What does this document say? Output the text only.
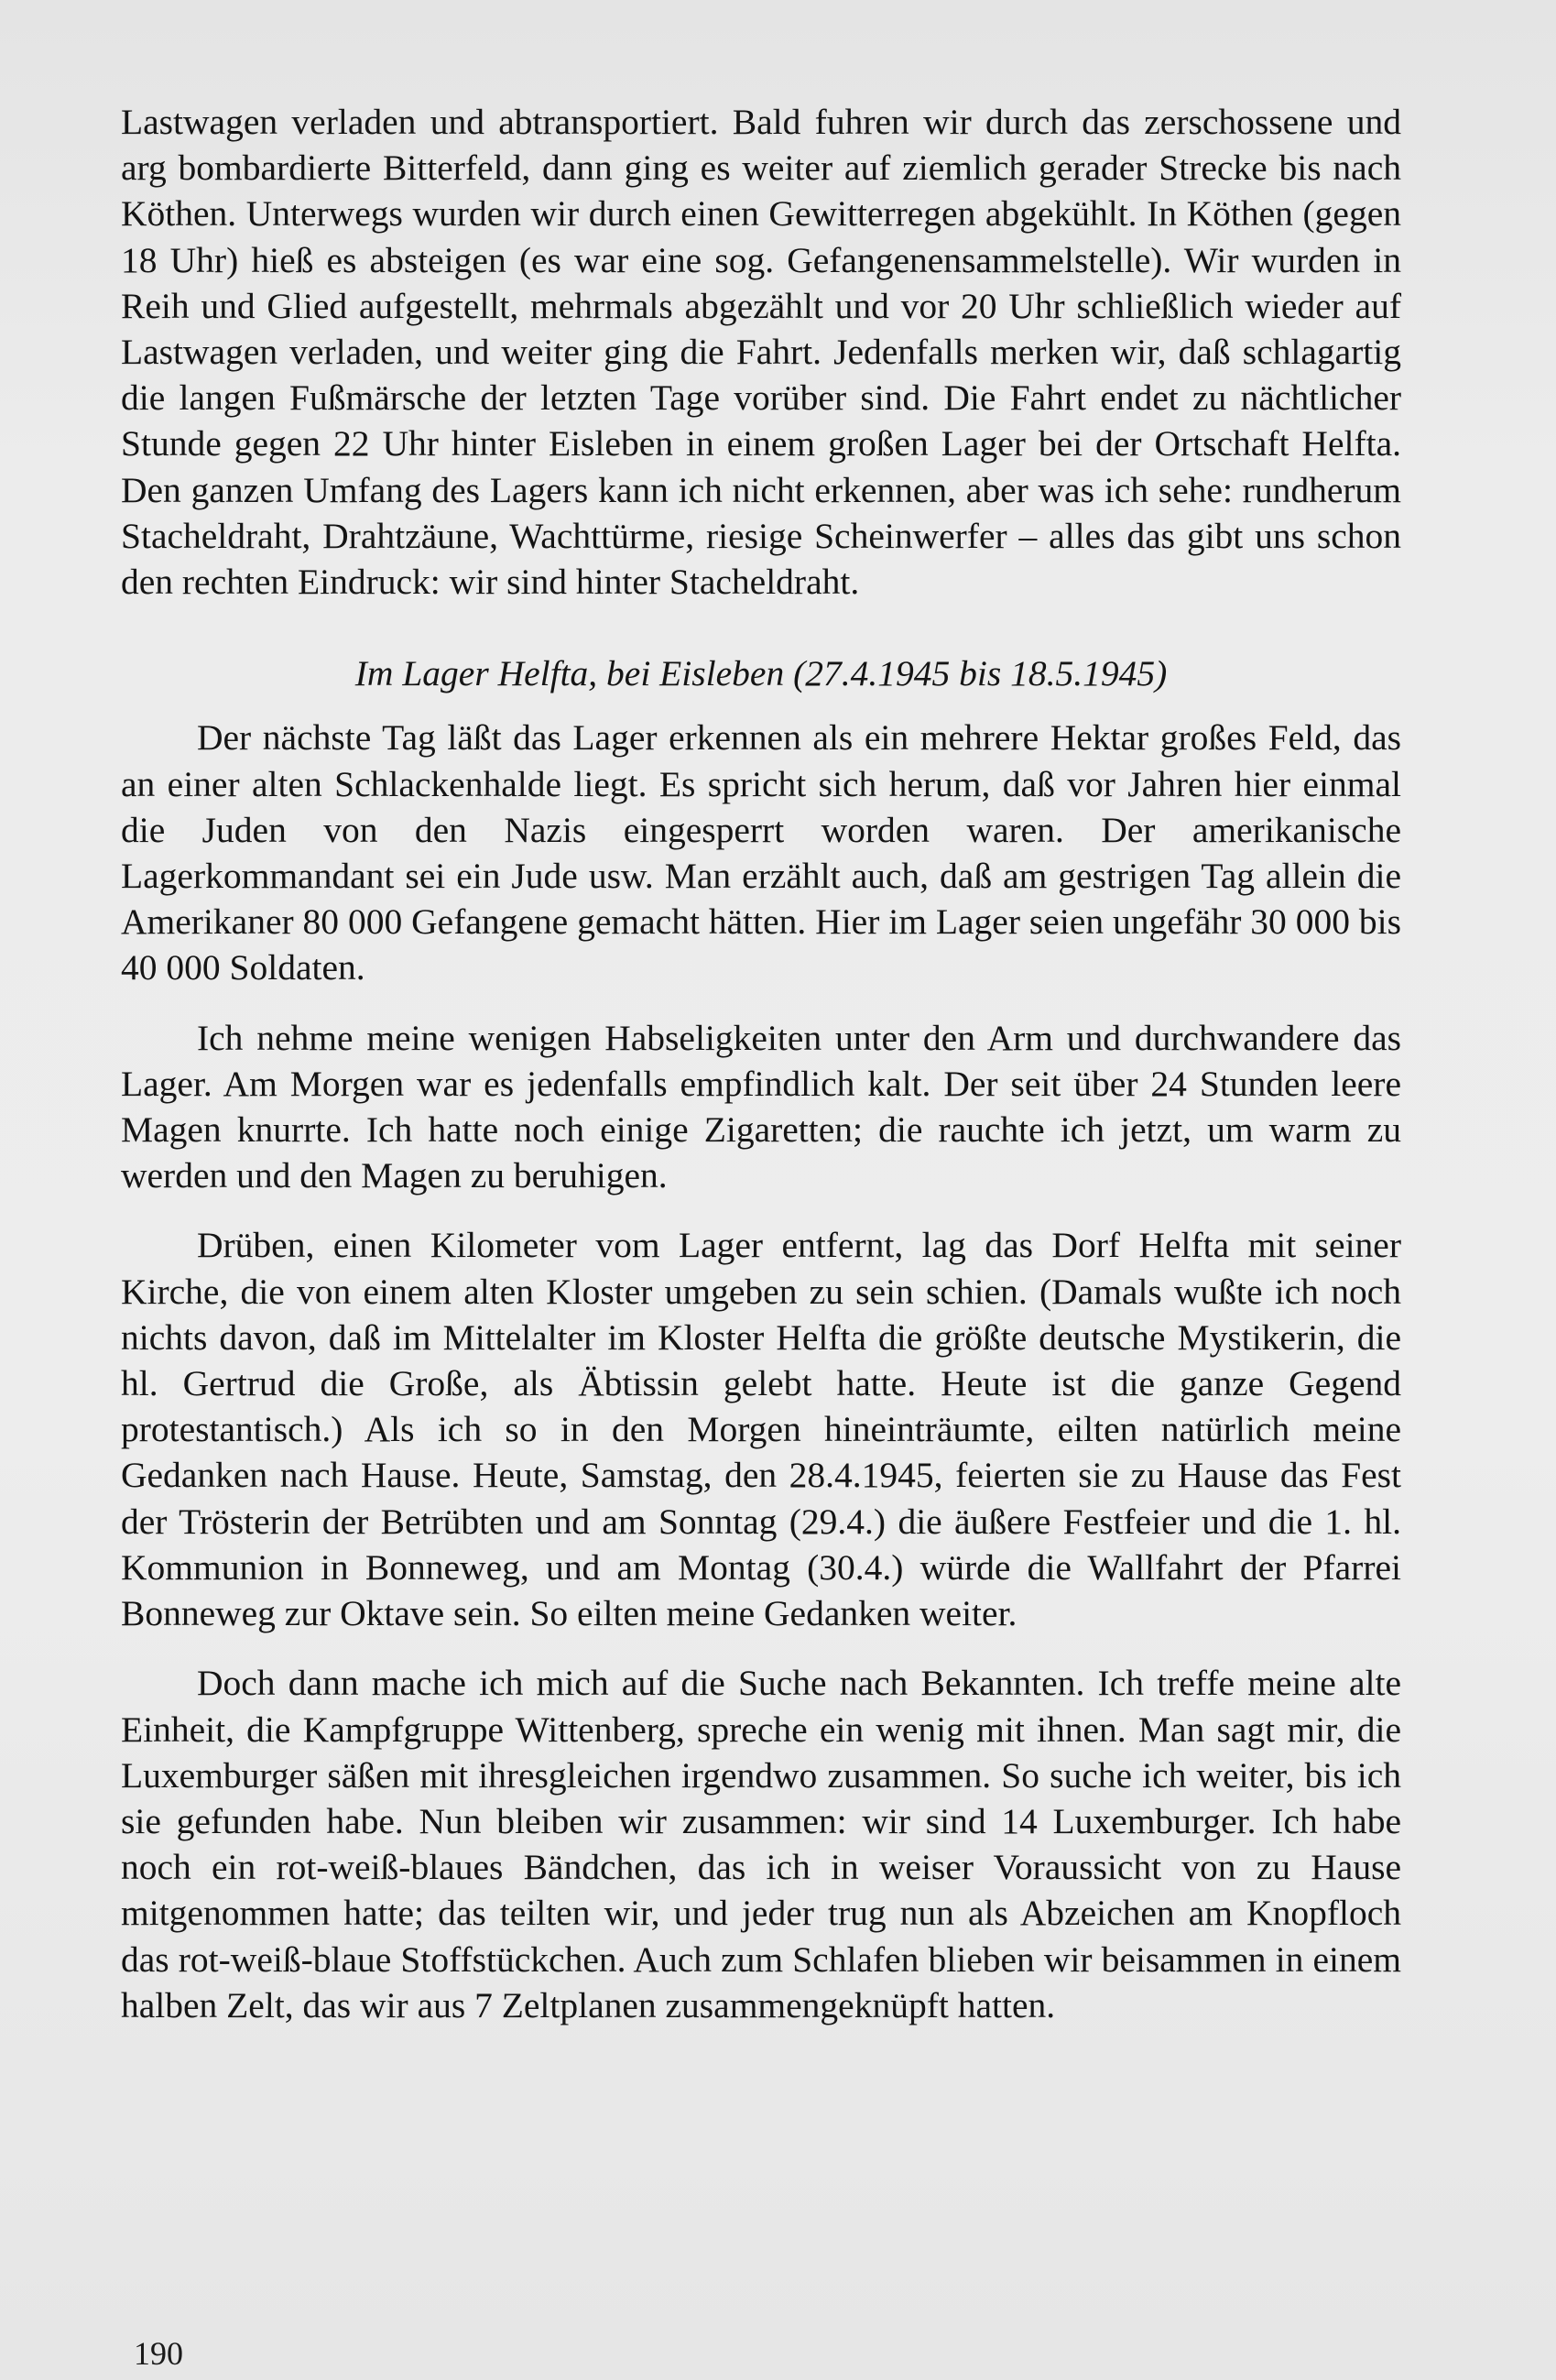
Lastwagen verladen und abtransportiert. Bald fuhren wir durch das zerschossene und arg bombardierte Bitterfeld, dann ging es weiter auf ziemlich gerader Strecke bis nach Köthen. Unterwegs wurden wir durch einen Gewitterregen abgekühlt. In Köthen (gegen 18 Uhr) hieß es absteigen (es war eine sog. Gefangenensammelstelle). Wir wurden in Reih und Glied aufgestellt, mehrmals abgezählt und vor 20 Uhr schließlich wieder auf Lastwagen verladen, und weiter ging die Fahrt. Jedenfalls merken wir, daß schlagartig die langen Fußmärsche der letzten Tage vorüber sind. Die Fahrt endet zu nächtlicher Stunde gegen 22 Uhr hinter Eisleben in einem großen Lager bei der Ortschaft Helfta. Den ganzen Umfang des Lagers kann ich nicht erkennen, aber was ich sehe: rundherum Stacheldraht, Drahtzäune, Wachttürme, riesige Scheinwerfer – alles das gibt uns schon den rechten Eindruck: wir sind hinter Stacheldraht.

Im Lager Helfta, bei Eisleben (27.4.1945 bis 18.5.1945)

Der nächste Tag läßt das Lager erkennen als ein mehrere Hektar großes Feld, das an einer alten Schlackenhalde liegt. Es spricht sich herum, daß vor Jahren hier einmal die Juden von den Nazis eingesperrt worden waren. Der amerikanische Lagerkommandant sei ein Jude usw. Man erzählt auch, daß am gestrigen Tag allein die Amerikaner 80 000 Gefangene gemacht hätten. Hier im Lager seien ungefähr 30 000 bis 40 000 Soldaten.

Ich nehme meine wenigen Habseligkeiten unter den Arm und durchwandere das Lager. Am Morgen war es jedenfalls empfindlich kalt. Der seit über 24 Stunden leere Magen knurrte. Ich hatte noch einige Zigaretten; die rauchte ich jetzt, um warm zu werden und den Magen zu beruhigen.

Drüben, einen Kilometer vom Lager entfernt, lag das Dorf Helfta mit seiner Kirche, die von einem alten Kloster umgeben zu sein schien. (Damals wußte ich noch nichts davon, daß im Mittelalter im Kloster Helfta die größte deutsche Mystikerin, die hl. Gertrud die Große, als Äbtissin gelebt hatte. Heute ist die ganze Gegend protestantisch.) Als ich so in den Morgen hineinträumte, eilten natürlich meine Gedanken nach Hause. Heute, Samstag, den 28.4.1945, feierten sie zu Hause das Fest der Trösterin der Betrübten und am Sonntag (29.4.) die äußere Festfeier und die 1. hl. Kommunion in Bonneweg, und am Montag (30.4.) würde die Wallfahrt der Pfarrei Bonneweg zur Oktave sein. So eilten meine Gedanken weiter.

Doch dann mache ich mich auf die Suche nach Bekannten. Ich treffe meine alte Einheit, die Kampfgruppe Wittenberg, spreche ein wenig mit ihnen. Man sagt mir, die Luxemburger säßen mit ihresgleichen irgendwo zusammen. So suche ich weiter, bis ich sie gefunden habe. Nun bleiben wir zusammen: wir sind 14 Luxemburger. Ich habe noch ein rot-weiß-blaues Bändchen, das ich in weiser Voraussicht von zu Hause mitgenommen hatte; das teilten wir, und jeder trug nun als Abzeichen am Knopfloch das rot-weiß-blaue Stoffstückchen. Auch zum Schlafen blieben wir beisammen in einem halben Zelt, das wir aus 7 Zeltplanen zusammengeknüpft hatten.

190
